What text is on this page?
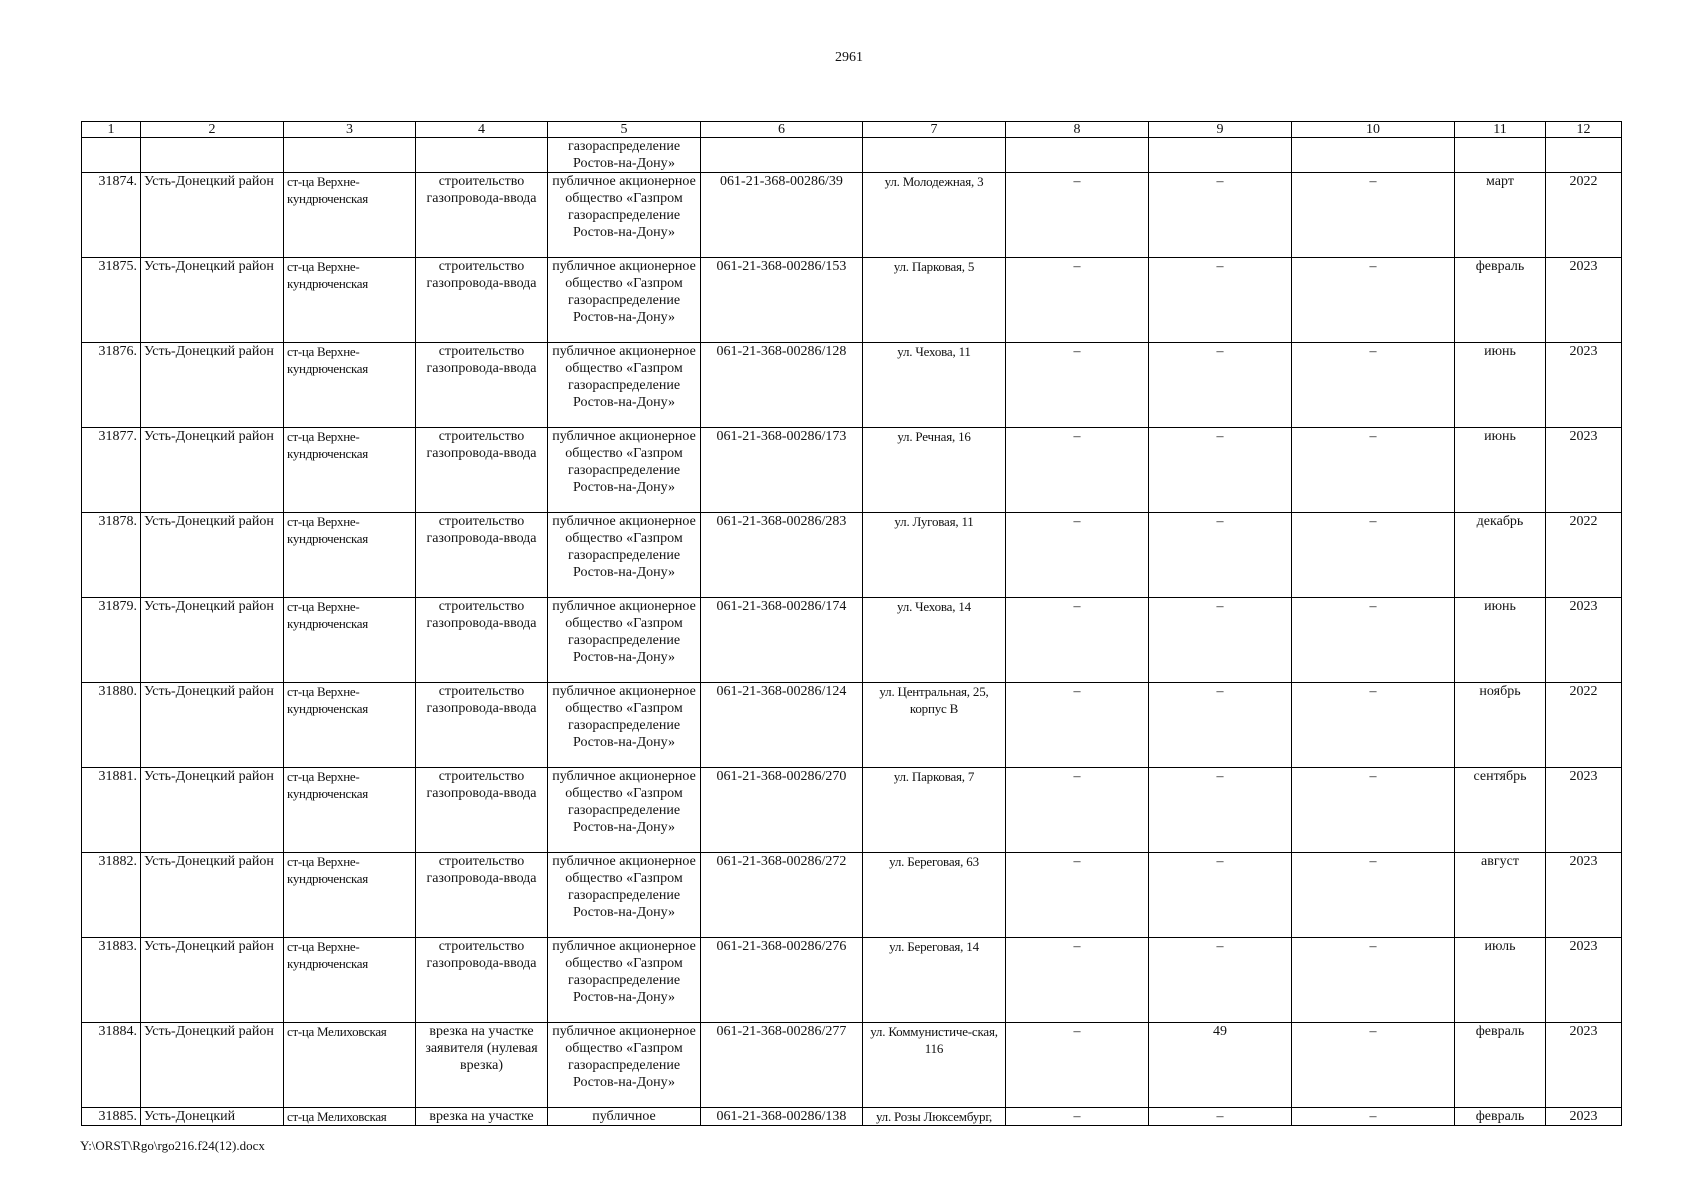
2961
1	2	3	4	5	6	7	8	9	10	11	12
				газораспределение Ростов-на-Дону»							
31874.	Усть-Донецкий район	ст-ца Верхне-кундрюченская	строительство газопровода-ввода	публичное акционерное общество «Газпром газораспределение Ростов-на-Дону»	061-21-368-00286/39	ул. Молодежная, 3	–	–	–	март	2022
31875.	Усть-Донецкий район	ст-ца Верхне-кундрюченская	строительство газопровода-ввода	публичное акционерное общество «Газпром газораспределение Ростов-на-Дону»	061-21-368-00286/153	ул. Парковая, 5	–	–	–	февраль	2023
31876.	Усть-Донецкий район	ст-ца Верхне-кундрюченская	строительство газопровода-ввода	публичное акционерное общество «Газпром газораспределение Ростов-на-Дону»	061-21-368-00286/128	ул. Чехова, 11	–	–	–	июнь	2023
31877.	Усть-Донецкий район	ст-ца Верхне-кундрюченская	строительство газопровода-ввода	публичное акционерное общество «Газпром газораспределение Ростов-на-Дону»	061-21-368-00286/173	ул. Речная, 16	–	–	–	июнь	2023
31878.	Усть-Донецкий район	ст-ца Верхне-кундрюченская	строительство газопровода-ввода	публичное акционерное общество «Газпром газораспределение Ростов-на-Дону»	061-21-368-00286/283	ул. Луговая, 11	–	–	–	декабрь	2022
31879.	Усть-Донецкий район	ст-ца Верхне-кундрюченская	строительство газопровода-ввода	публичное акционерное общество «Газпром газораспределение Ростов-на-Дону»	061-21-368-00286/174	ул. Чехова, 14	–	–	–	июнь	2023
31880.	Усть-Донецкий район	ст-ца Верхне-кундрюченская	строительство газопровода-ввода	публичное акционерное общество «Газпром газораспределение Ростов-на-Дону»	061-21-368-00286/124	ул. Центральная, 25, корпус В	–	–	–	ноябрь	2022
31881.	Усть-Донецкий район	ст-ца Верхне-кундрюченская	строительство газопровода-ввода	публичное акционерное общество «Газпром газораспределение Ростов-на-Дону»	061-21-368-00286/270	ул. Парковая, 7	–	–	–	сентябрь	2023
31882.	Усть-Донецкий район	ст-ца Верхне-кундрюченская	строительство газопровода-ввода	публичное акционерное общество «Газпром газораспределение Ростов-на-Дону»	061-21-368-00286/272	ул. Береговая, 63	–	–	–	август	2023
31883.	Усть-Донецкий район	ст-ца Верхне-кундрюченская	строительство газопровода-ввода	публичное акционерное общество «Газпром газораспределение Ростов-на-Дону»	061-21-368-00286/276	ул. Береговая, 14	–	–	–	июль	2023
31884.	Усть-Донецкий район	ст-ца Мелиховская	врезка на участке заявителя (нулевая врезка)	публичное акционерное общество «Газпром газораспределение Ростов-на-Дону»	061-21-368-00286/277	ул. Коммунистиче-ская, 116	–	49	–	февраль	2023
31885.	Усть-Донецкий	ст-ца Мелиховская	врезка на участке	публичное	061-21-368-00286/138	ул. Розы Люксембург,	–	–	–	февраль	2023
Y:\ORST\Rgo\rgo216.f24(12).docx
